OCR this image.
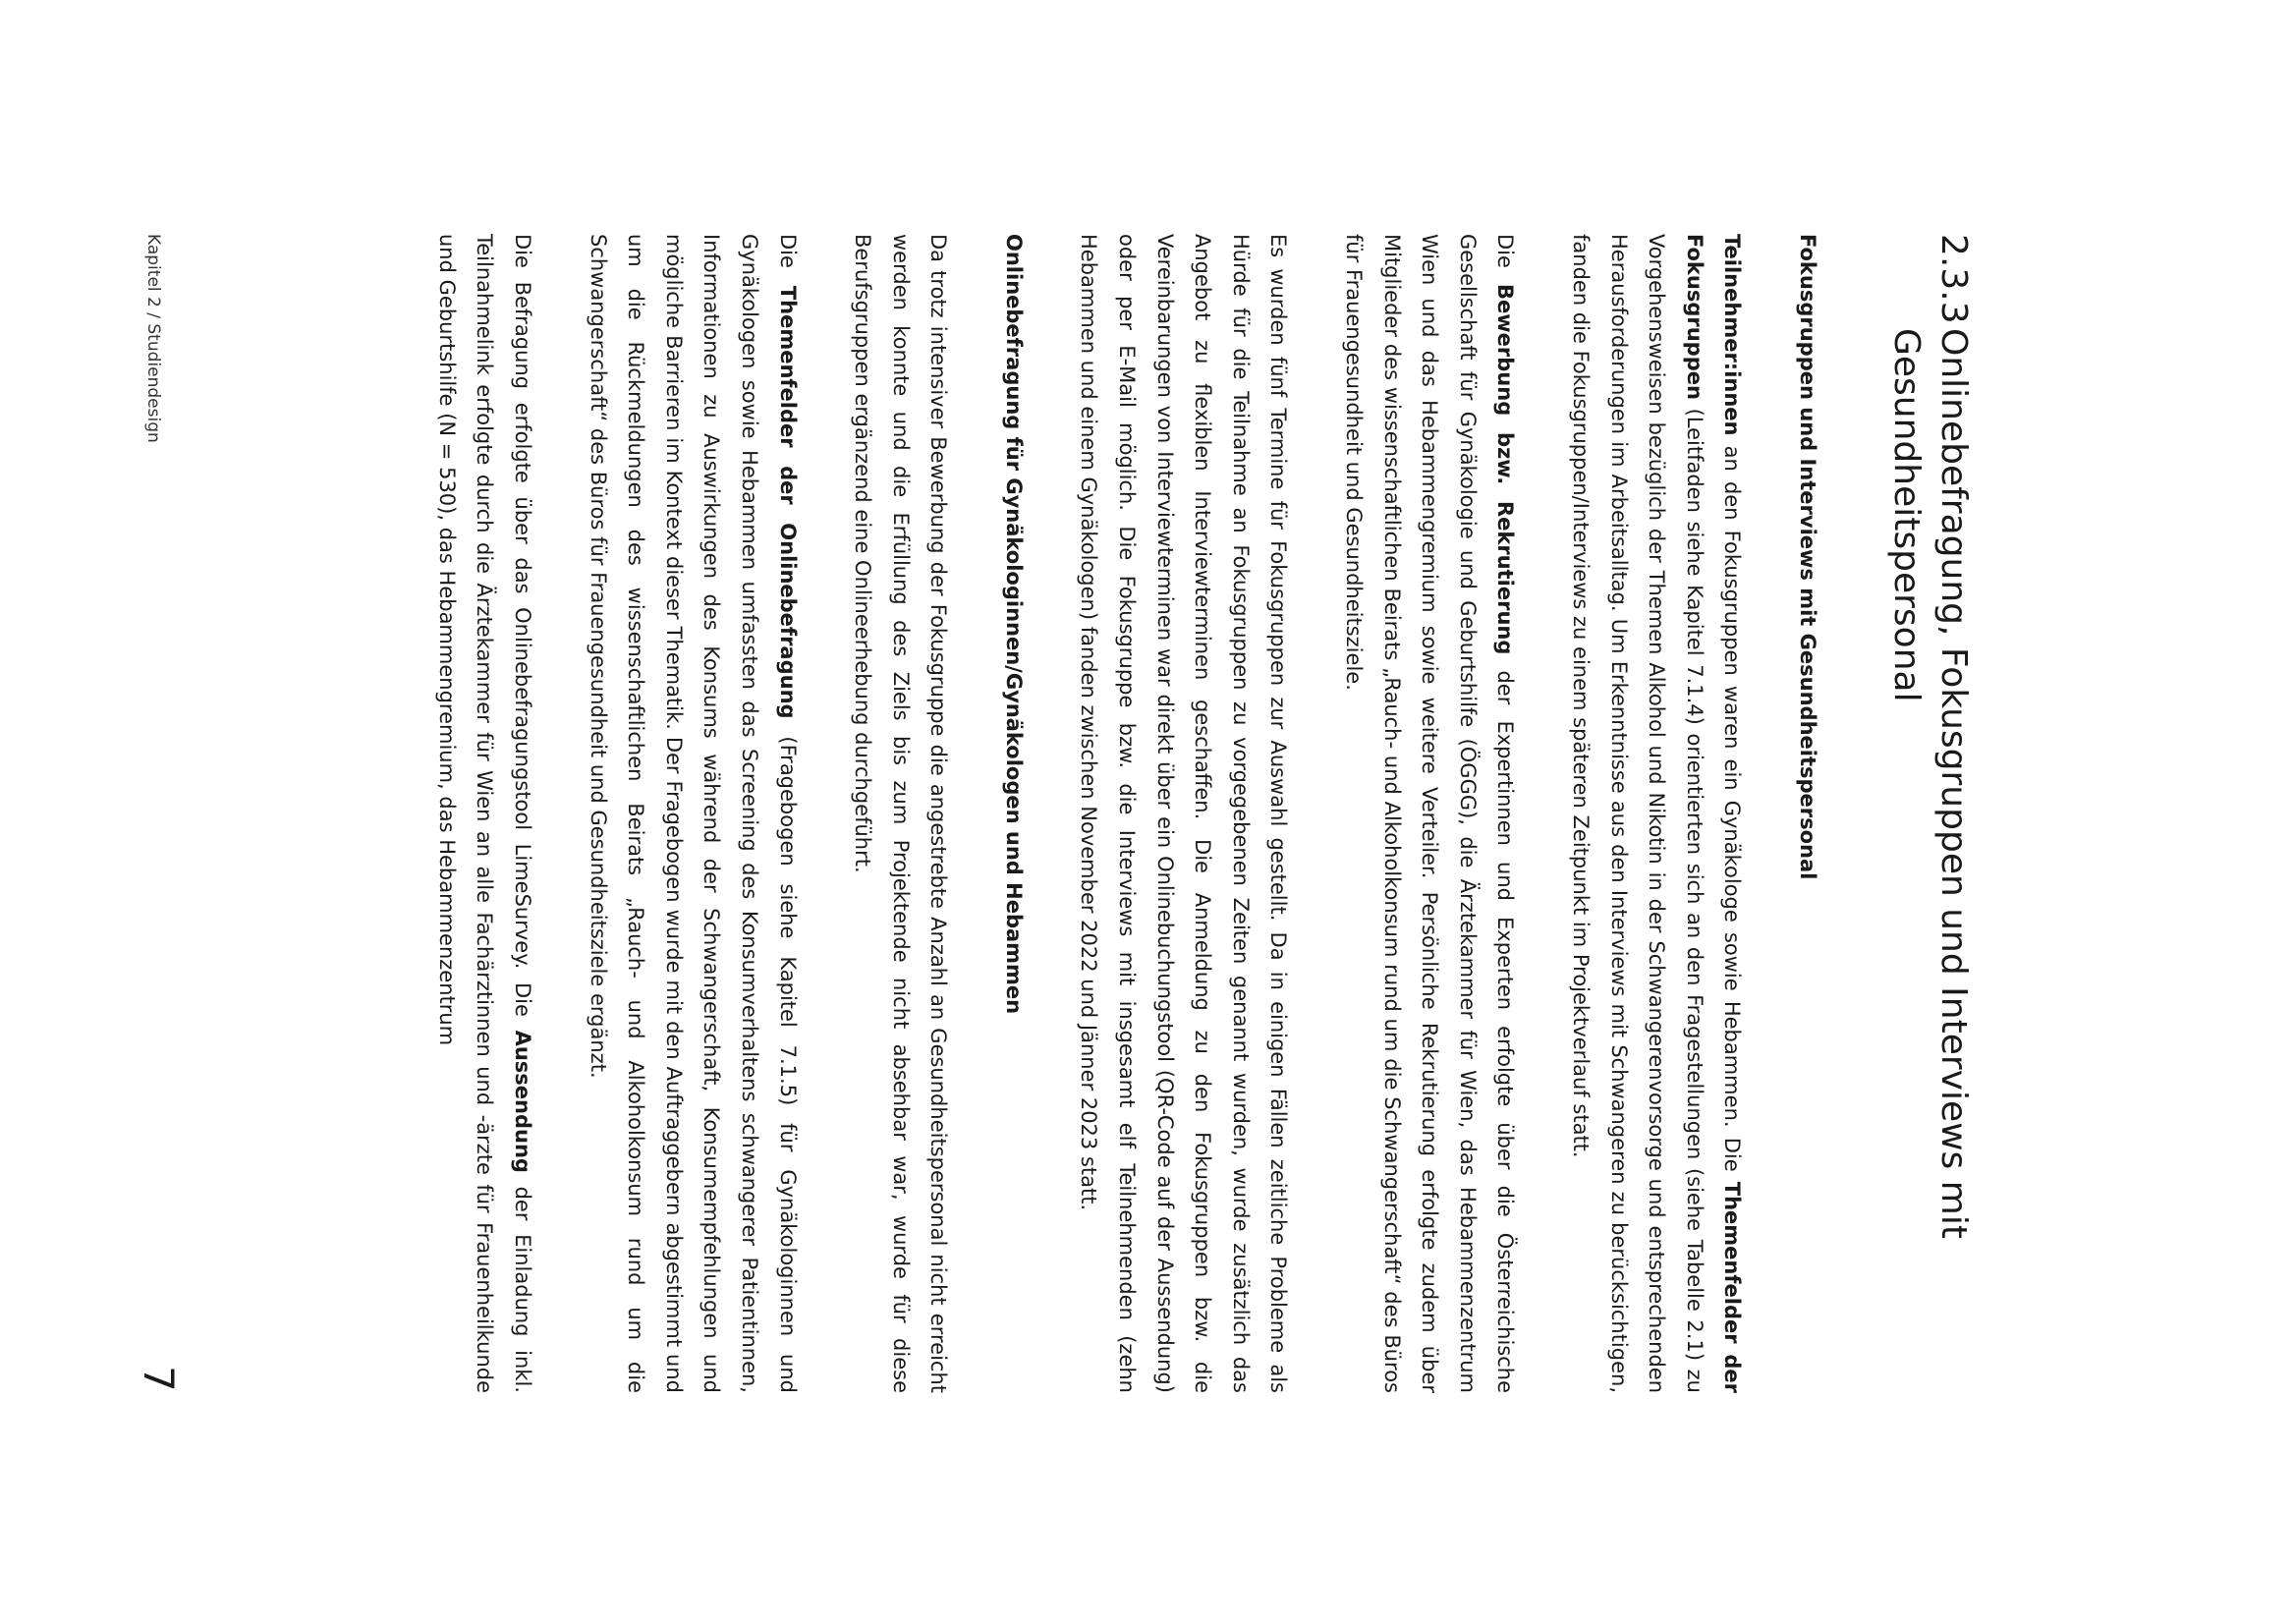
2.3.3
Onlinebefragung, Fokusgruppen und Interviews mit Gesundheitspersonal
Fokusgruppen und Interviews mit Gesundheitspersonal

Teilnehmer:innen an den Fokusgruppen waren ein Gynäkologe sowie Hebammen. Die Themenfelder der Fokusgruppen (Leitfaden siehe Kapitel 7.1.4) orientierten sich an den Fragestellungen (siehe Tabelle 2.1) zu Vorgehensweisen bezüglich der Themen Alkohol und Nikotin in der Schwangerenvorsorge und entsprechenden Herausforderungen im Arbeitsalltag. Um Erkenntnisse aus den Interviews mit Schwangeren zu berücksichtigen, fanden die Fokusgruppen/Interviews zu einem späteren Zeitpunkt im Projektverlauf statt.

Die Bewerbung bzw. Rekrutierung der Expertinnen und Experten erfolgte über die Österreichische Gesellschaft für Gynäkologie und Geburtshilfe (ÖGGG), die Ärztekammer für Wien, das Hebammenzentrum Wien und das Hebammengremium sowie weitere Verteiler. Persönliche Rekrutierung erfolgte zudem über Mitglieder des wissenschaftlichen Beirats „Rauch- und Alkoholkonsum rund um die Schwangerschaft“ des Büros für Frauengesundheit und Gesundheitsziele.

Es wurden fünf Termine für Fokusgruppen zur Auswahl gestellt. Da in einigen Fällen zeitliche Probleme als Hürde für die Teilnahme an Fokusgruppen zu vorgegebenen Zeiten genannt wurden, wurde zusätzlich das Angebot zu flexiblen Interviewterminen geschaffen. Die Anmeldung zu den Fokusgruppen bzw. die Vereinbarungen von Interviewterminen war direkt über ein Onlinebuchungstool (QR-Code auf der Aussendung) oder per E-Mail möglich. Die Fokusgruppe bzw. die Interviews mit insgesamt elf Teilnehmenden (zehn Hebammen und einem Gynäkologen) fanden zwischen November 2022 und Jänner 2023 statt.

Onlinebefragung für Gynäkologinnen/Gynäkologen und Hebammen

Da trotz intensiver Bewerbung der Fokusgruppe die angestrebte Anzahl an Gesundheitspersonal nicht erreicht werden konnte und die Erfüllung des Ziels bis zum Projektende nicht absehbar war, wurde für diese Berufsgruppen ergänzend eine Onlineerhebung durchgeführt.

Die Themenfelder der Onlinebefragung (Fragebogen siehe Kapitel 7.1.5) für Gynäkologinnen und Gynäkologen sowie Hebammen umfassten das Screening des Konsumverhaltens schwangerer Patientinnen, Informationen zu Auswirkungen des Konsums während der Schwangerschaft, Konsumempfehlungen und mögliche Barrieren im Kontext dieser Thematik. Der Fragebogen wurde mit den Auftraggebern abgestimmt und um die Rückmeldungen des wissenschaftlichen Beirats „Rauch- und Alkoholkonsum rund um die Schwangerschaft“ des Büros für Frauengesundheit und Gesundheitsziele ergänzt.

Die Befragung erfolgte über das Onlinebefragungstool LimeSurvey. Die Aussendung der Einladung inkl. Teilnahmelink erfolgte durch die Ärztekammer für Wien an alle Fachärztinnen und -ärzte für Frauenheilkunde und Geburtshilfe (N = 530), das Hebammengremium, das Hebammenzentrum

Kapitel 2 / Studiendesign
7
